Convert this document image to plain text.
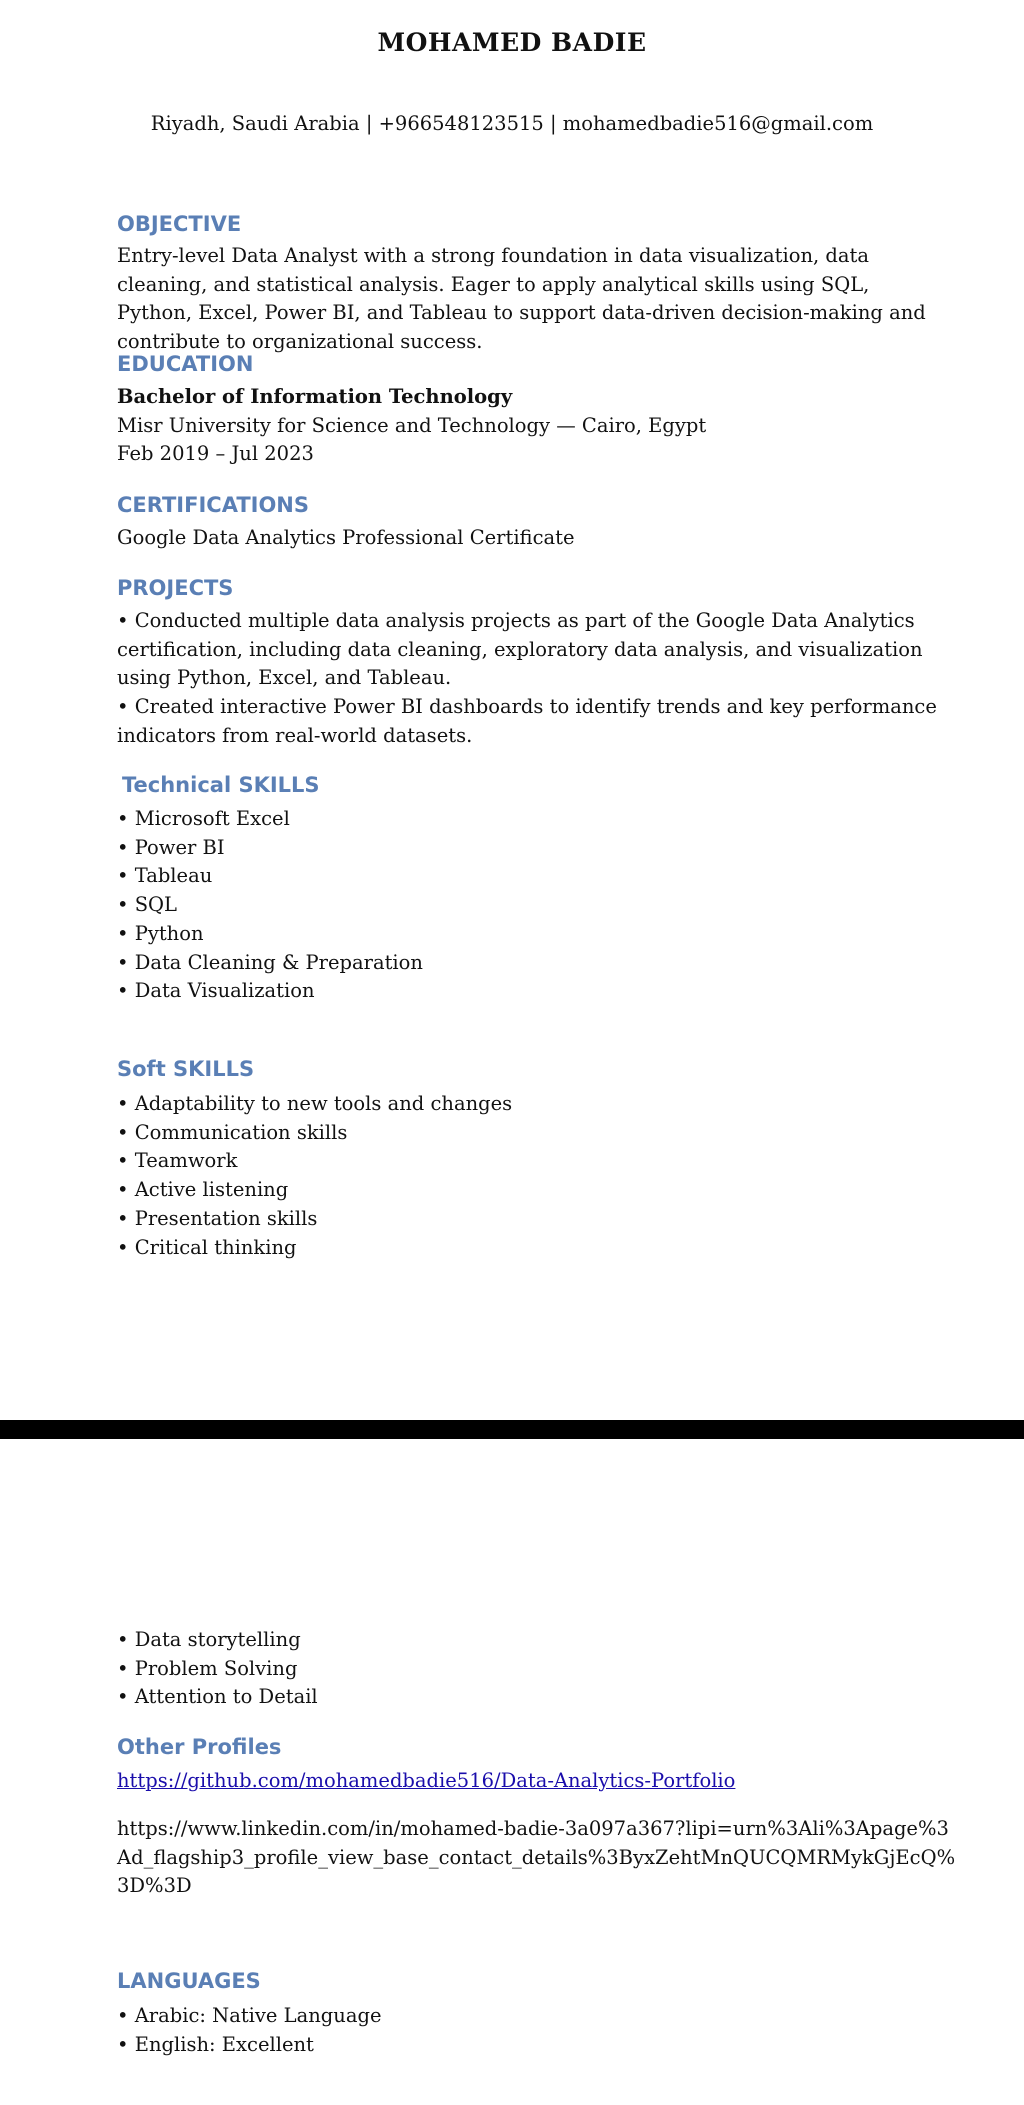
MOHAMED BADIE

Riyadh, Saudi Arabia | +966548123515 | mohamedbadie516@gmail.com

OBJECTIVE

Entry-level Data Analyst with a strong foundation in data visualization, data cleaning, and statistical analysis. Eager to apply analytical skills using SQL, Python, Excel, Power BI, and Tableau to support data-driven decision-making and contribute to organizational success.

EDUCATION
Bachelor of Information Technology
Misr University for Science and Technology — Cairo, Egypt
Feb 2019 – Jul 2023
CERTIFICATIONS
Google Data Analytics Professional Certificate
PROJECTS
• Conducted multiple data analysis projects as part of the Google Data Analytics certification, including data cleaning, exploratory data analysis, and visualization using Python, Excel, and Tableau.
• Created interactive Power BI dashboards to identify trends and key performance indicators from real-world datasets.
Technical SKILLS
• Microsoft Excel
• Power BI
• Tableau
• SQL
• Python
• Data Cleaning & Preparation
• Data Visualization
Soft SKILLS
• Adaptability to new tools and changes
• Communication skills
• Teamwork
• Active listening
• Presentation skills
• Critical thinking
• Data storytelling
• Problem Solving
• Attention to Detail
Other Profiles
https://github.com/mohamedbadie516/Data-Analytics-Portfolio

https://www.linkedin.com/in/mohamed-badie-3a097a367?lipi=urn%3Ali%3Apage%3Ad_flagship3_profile_view_base_contact_details%3ByxZehtMnQUCQMRMykGjEcQ%3D%3D

LANGUAGES
• Arabic: Native Language
• English: Excellent
